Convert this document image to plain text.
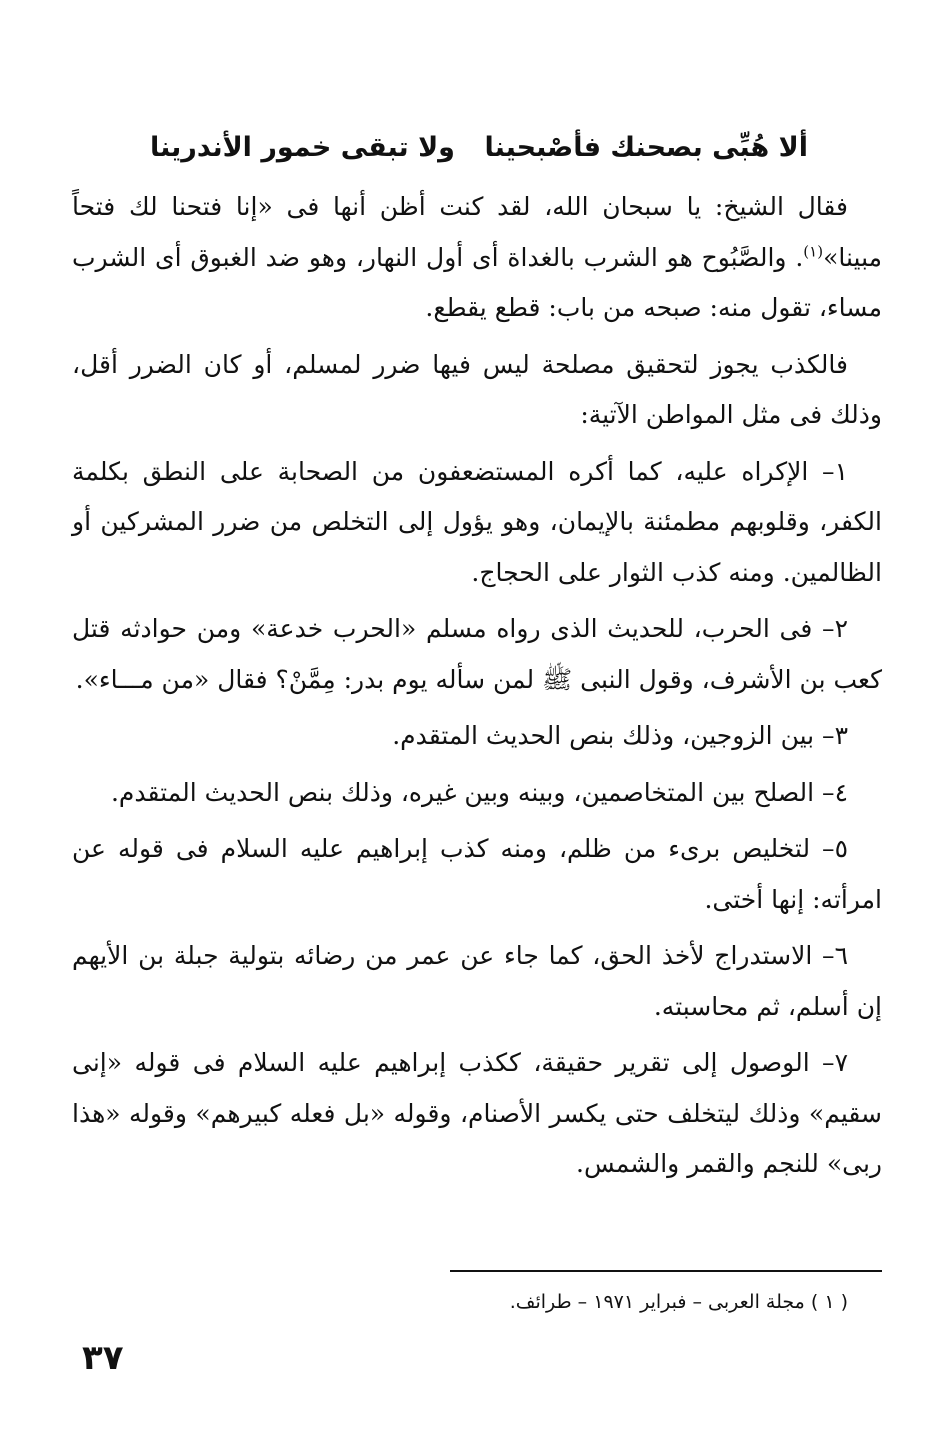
ألا هُبِّى بصحنك فأصْبحينا
ولا تبقى خمور الأندرينا

فقال الشيخ: يا سبحان الله، لقد كنت أظن أنها فى «إنا فتحنا لك فتحاً مبينا»$^{(١)}$. والصَّبُوح هو الشرب بالغداة أى أول النهار، وهو ضد الغبوق أى الشرب مساء، تقول منه: صبحه من باب: قطع يقطع.

فالكذب يجوز لتحقيق مصلحة ليس فيها ضرر لمسلم، أو كان الضرر أقل، وذلك فى مثل المواطن الآتية:

١– الإكراه عليه، كما أكره المستضعفون من الصحابة على النطق بكلمة الكفر، وقلوبهم مطمئنة بالإيمان، وهو يؤول إلى التخلص من ضرر المشركين أو الظالمين. ومنه كذب الثوار على الحجاج.

٢– فى الحرب، للحديث الذى رواه مسلم «الحرب خدعة» ومن حوادثه قتل كعب بن الأشرف، وقول النبى ﷺ لمن سأله يوم بدر: مِمَّنْ؟ فقال «من مـــاء».

٣– بين الزوجين، وذلك بنص الحديث المتقدم.

٤– الصلح بين المتخاصمين، وبينه وبين غيره، وذلك بنص الحديث المتقدم.

٥– لتخليص برىء من ظلم، ومنه كذب إبراهيم عليه السلام فى قوله عن امرأته: إنها أختى.

٦– الاستدراج لأخذ الحق، كما جاء عن عمر من رضائه بتولية جبلة بن الأيهم إن أسلم، ثم محاسبته.

٧– الوصول إلى تقرير حقيقة، ككذب إبراهيم عليه السلام فى قوله «إنى سقيم» وذلك ليتخلف حتى يكسر الأصنام، وقوله «بل فعله كبيرهم» وقوله «هذا ربى» للنجم والقمر والشمس.

( ١ ) مجلة العربى – فبراير ١٩٧١ – طرائف.
٣٧
